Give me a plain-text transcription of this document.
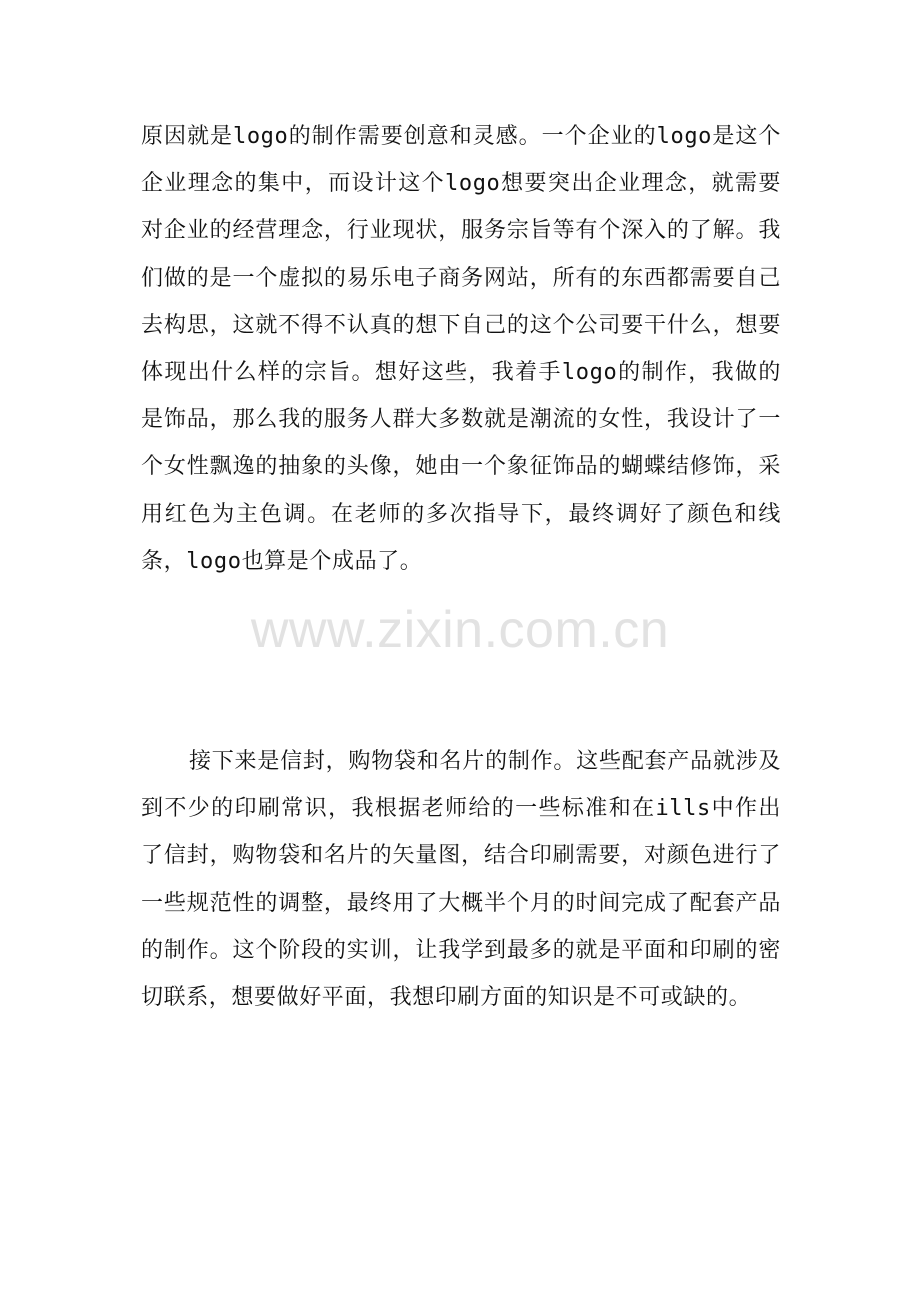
原因就是logo的制作需要创意和灵感。一个企业的logo是这个企业理念的集中，而设计这个logo想要突出企业理念，就需要对企业的经营理念，行业现状，服务宗旨等有个深入的了解。我们做的是一个虚拟的易乐电子商务网站，所有的东西都需要自己去构思，这就不得不认真的想下自己的这个公司要干什么，想要体现出什么样的宗旨。想好这些，我着手logo的制作，我做的是饰品，那么我的服务人群大多数就是潮流的女性，我设计了一个女性飘逸的抽象的头像，她由一个象征饰品的蝴蝶结修饰，采用红色为主色调。在老师的多次指导下，最终调好了颜色和线条，logo也算是个成品了。

www.zixin.com.cn

接下来是信封，购物袋和名片的制作。这些配套产品就涉及到不少的印刷常识，我根据老师给的一些标准和在ills中作出了信封，购物袋和名片的矢量图，结合印刷需要，对颜色进行了一些规范性的调整，最终用了大概半个月的时间完成了配套产品的制作。这个阶段的实训，让我学到最多的就是平面和印刷的密切联系，想要做好平面，我想印刷方面的知识是不可或缺的。
